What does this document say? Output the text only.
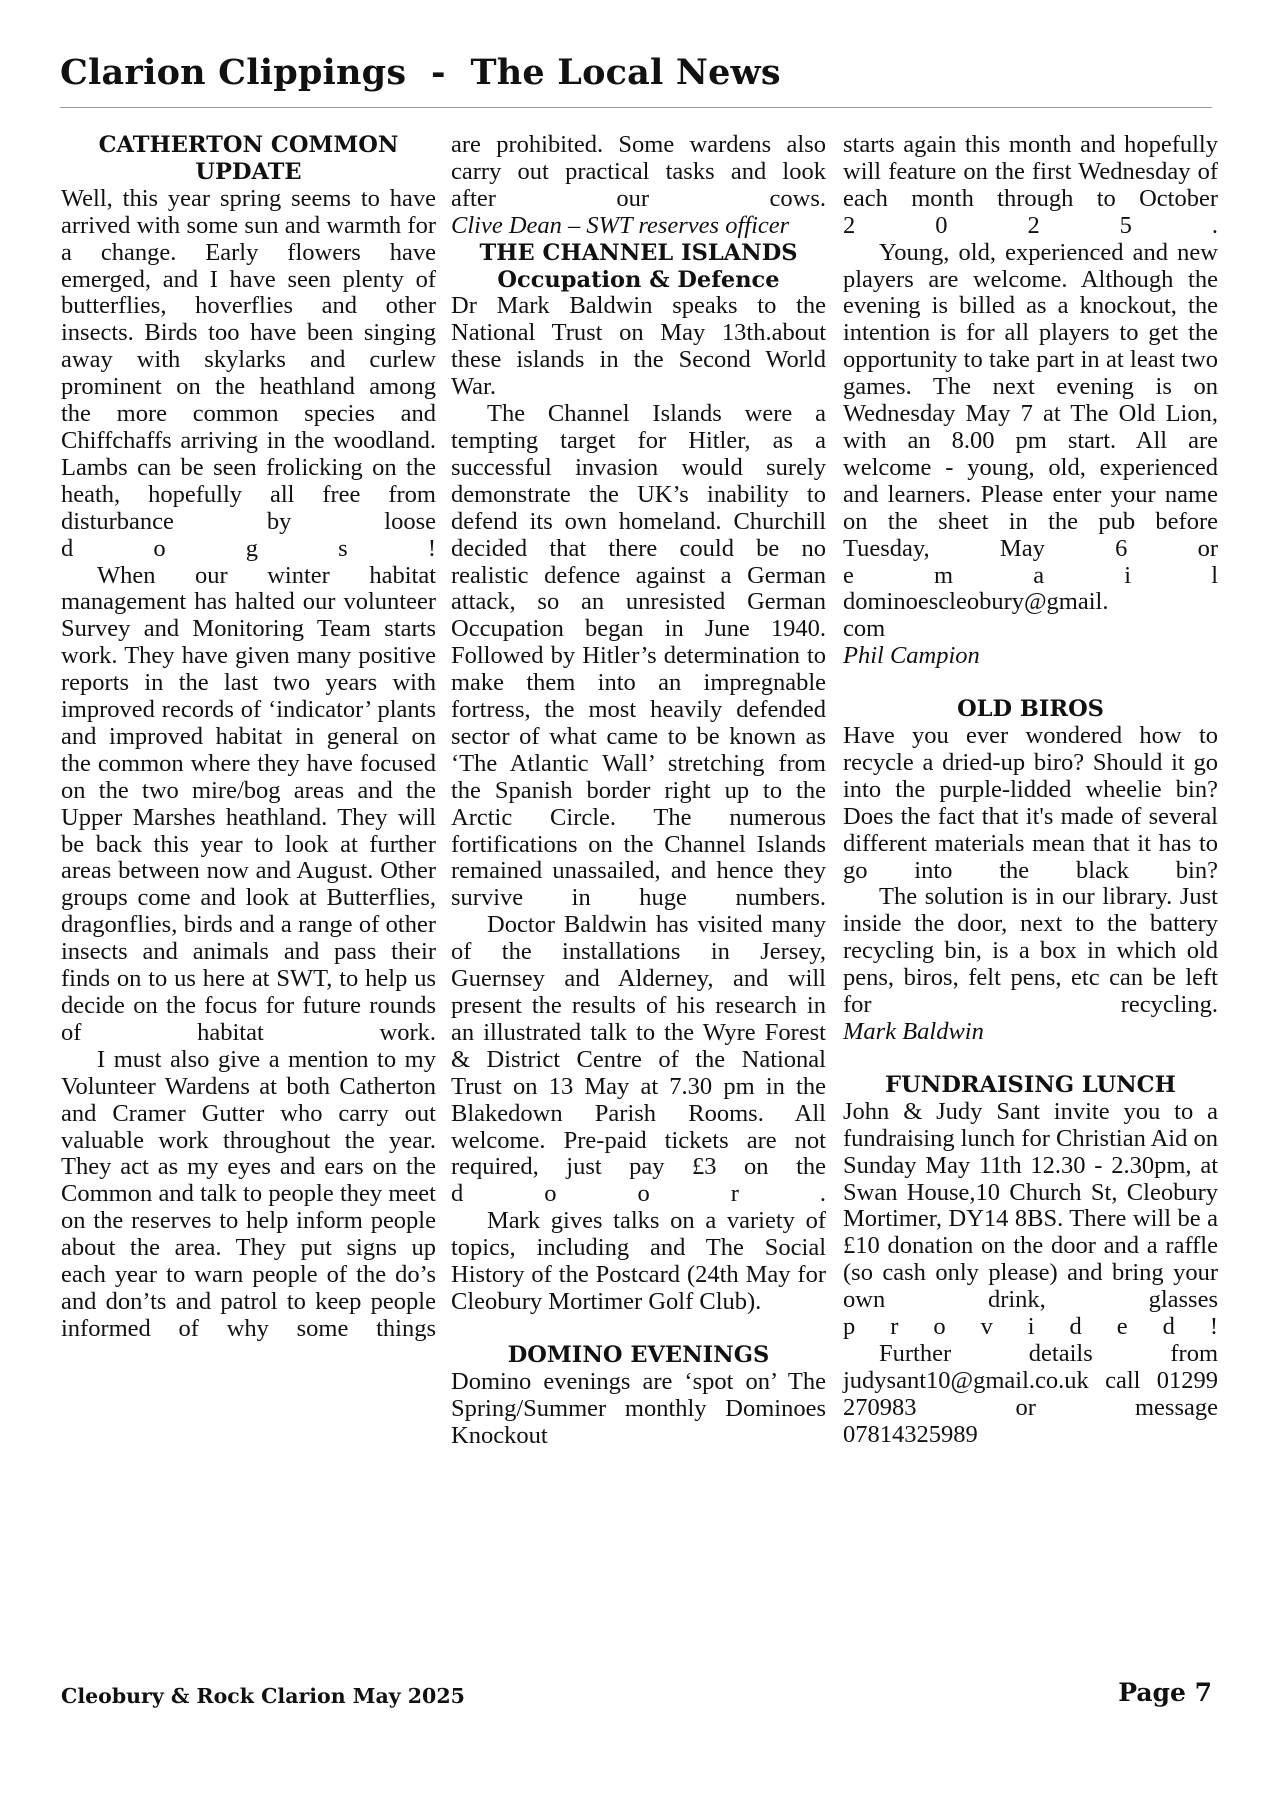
Clarion Clippings  -  The Local News
CATHERTON COMMON
UPDATE

Well, this year spring seems to have arrived with some sun and warmth for a change. Early flowers have emerged, and I have seen plenty of butterflies, hoverflies and other insects. Birds too have been singing away with skylarks and curlew prominent on the heathland among the more common species and Chiffchaffs arriving in the woodland. Lambs can be seen frolicking on the heath, hopefully all free from disturbance by loose

d o g s !

When our winter habitat management has halted our volunteer Survey and Monitoring Team starts work. They have given many positive reports in the last two years with improved records of ‘indicator’ plants and improved habitat in general on the common where they have focused on the two mire/bog areas and the Upper Marshes heathland. They will be back this year to look at further areas between now and August. Other groups come and look at Butterflies, dragonflies, birds and a range of other insects and animals and pass their finds on to us here at SWT, to help us decide on the focus for future rounds of habitat work.

I must also give a mention to my Volunteer Wardens at both Catherton and Cramer Gutter who carry out valuable work throughout the year. They act as my eyes and ears on the Common and talk to people they meet on the reserves to help inform people about the area. They put signs up each year to warn people of the do’s and don’ts and patrol to keep people informed of why some things

are prohibited. Some wardens also carry out practical tasks and look after our cows.

Clive Dean – SWT reserves officer

THE CHANNEL ISLANDS
Occupation & Defence

Dr Mark Baldwin speaks to the National Trust on May 13th.about these islands in the Second World War.

The Channel Islands were a tempting target for Hitler, as a successful invasion would surely demonstrate the UK’s inability to defend its own homeland. Churchill decided that there could be no realistic defence against a German attack, so an unresisted German Occupation began in June 1940. Followed by Hitler’s determination to make them into an impregnable fortress, the most heavily defended sector of what came to be known as ‘The Atlantic Wall’ stretching from the Spanish border right up to the Arctic Circle. The numerous fortifications on the Channel Islands remained unassailed, and hence they survive in huge numbers.

Doctor Baldwin has visited many of the installations in Jersey, Guernsey and Alderney, and will present the results of his research in an illustrated talk to the Wyre Forest & District Centre of the National Trust on 13 May at 7.30 pm in the Blakedown Parish Rooms. All welcome. Pre-paid tickets are not required, just pay £3 on the

d o o r .

Mark gives talks on a variety of topics, including and The Social History of the Postcard (24th May for Cleobury Mortimer Golf Club).

DOMINO EVENINGS

Domino evenings are ‘spot on’ The Spring/Summer monthly Dominoes Knockout

starts again this month and hopefully will feature on the first Wednesday of each month through to October

2 0 2 5 .

Young, old, experienced and new players are welcome. Although the evening is billed as a knockout, the intention is for all players to get the opportunity to take part in at least two games. The next evening is on Wednesday May 7 at The Old Lion, with an 8.00 pm start. All are welcome - young, old, experienced and learners. Please enter your name on the sheet in the pub before Tuesday, May 6 or

e m a i l

dominoescleobury@gmail.

com

Phil Campion

OLD BIROS

Have you ever wondered how to recycle a dried-up biro? Should it go into the purple-lidded wheelie bin? Does the fact that it's made of several different materials mean that it has to go into the black bin?

The solution is in our library. Just inside the door, next to the battery recycling bin, is a box in which old pens, biros, felt pens, etc can be left for recycling.

Mark Baldwin

FUNDRAISING LUNCH

John & Judy Sant invite you to a fundraising lunch for Christian Aid on Sunday May 11th 12.30 - 2.30pm, at Swan House,10 Church St, Cleobury Mortimer, DY14 8BS. There will be a £10 donation on the door and a raffle (so cash only please) and bring your own drink, glasses

p r o v i d e d !

Further details from judysant10@gmail.co.uk call 01299 270983 or message

07814325989

Cleobury & Rock Clarion May 2025	Page 7
